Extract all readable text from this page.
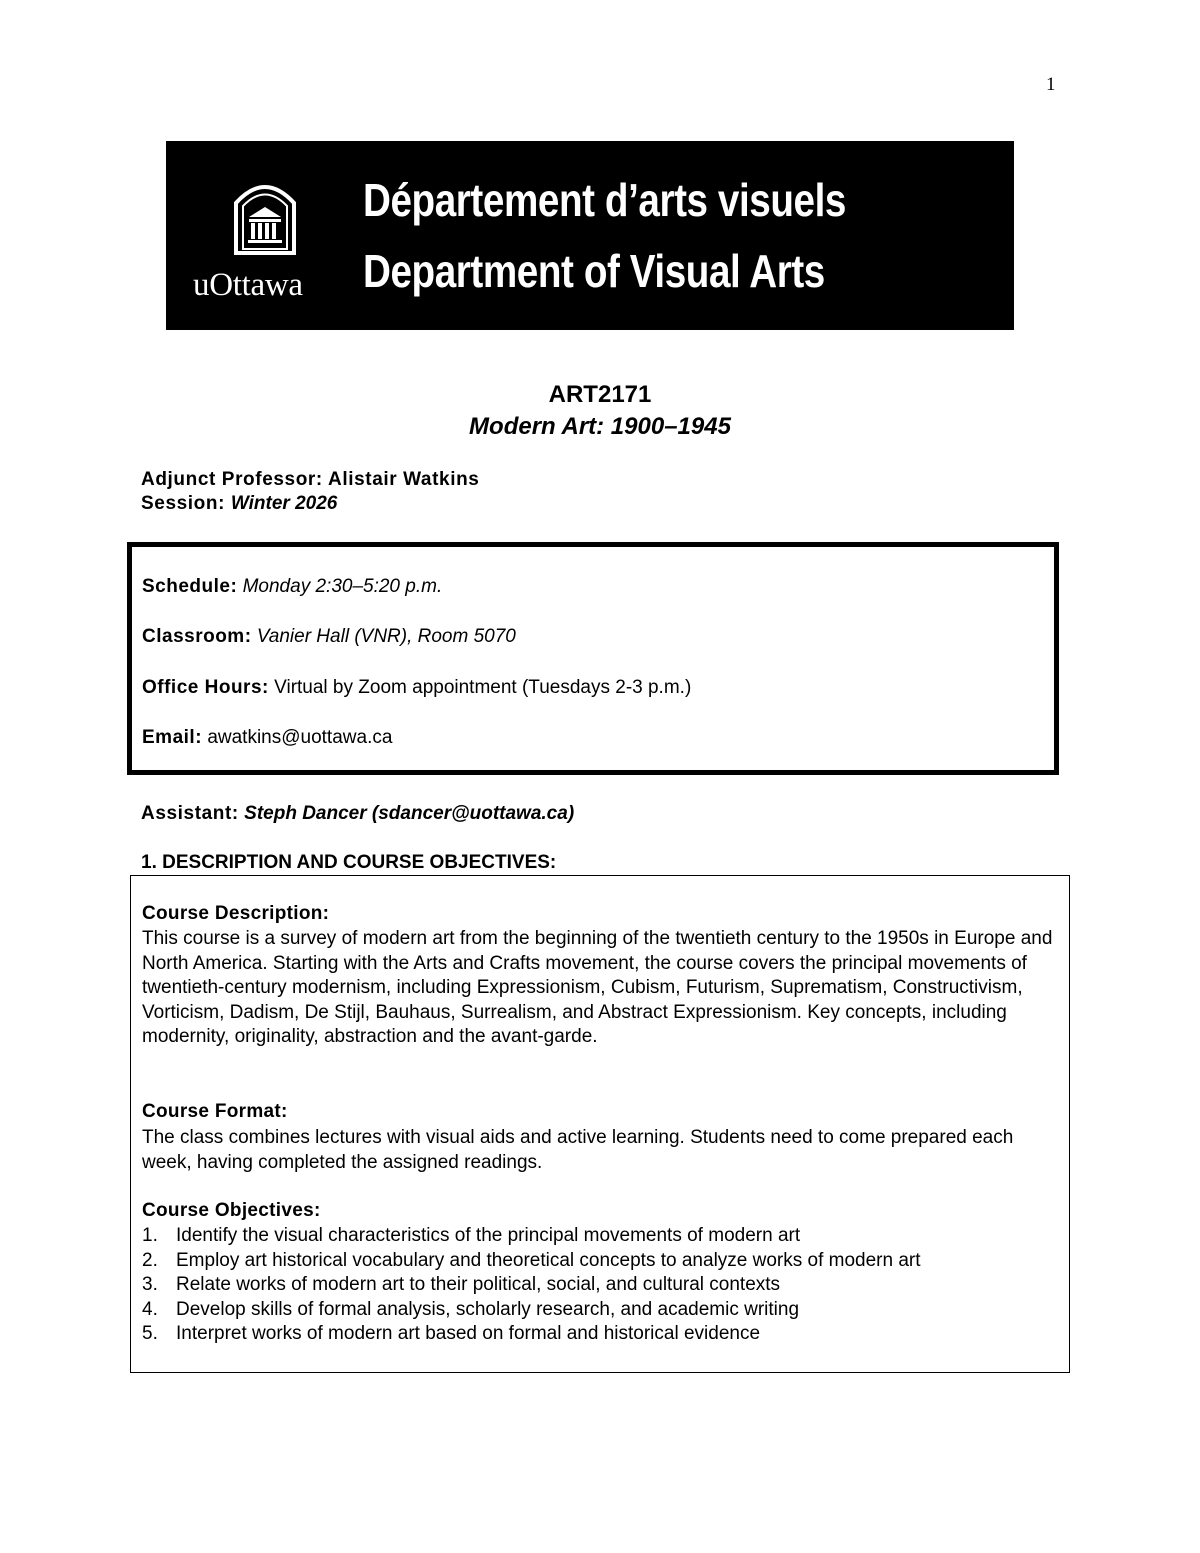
1
uOttawa
Département d’arts visuels
Department of Visual Arts
ART2171
Modern Art: 1900–1945
Adjunct Professor: Alistair Watkins
Session: Winter 2026
Schedule: Monday 2:30–5:20 p.m.
Classroom: Vanier Hall (VNR), Room 5070
Office Hours: Virtual by Zoom appointment (Tuesdays 2-3 p.m.)
Email: awatkins@uottawa.ca
Assistant: Steph Dancer (sdancer@uottawa.ca)
1. DESCRIPTION AND COURSE OBJECTIVES:
Course Description:
This course is a survey of modern art from the beginning of the twentieth century to the 1950s in Europe and North America. Starting with the Arts and Crafts movement, the course covers the principal movements of twentieth-century modernism, including Expressionism, Cubism, Futurism, Suprematism, Constructivism, Vorticism, Dadism, De Stijl, Bauhaus, Surrealism, and Abstract Expressionism. Key concepts, including modernity, originality, abstraction and the avant-garde.
Course Format:
The class combines lectures with visual aids and active learning. Students need to come prepared each week, having completed the assigned readings.
Course Objectives:
1. Identify the visual characteristics of the principal movements of modern art
2. Employ art historical vocabulary and theoretical concepts to analyze works of modern art
3. Relate works of modern art to their political, social, and cultural contexts
4. Develop skills of formal analysis, scholarly research, and academic writing
5. Interpret works of modern art based on formal and historical evidence
